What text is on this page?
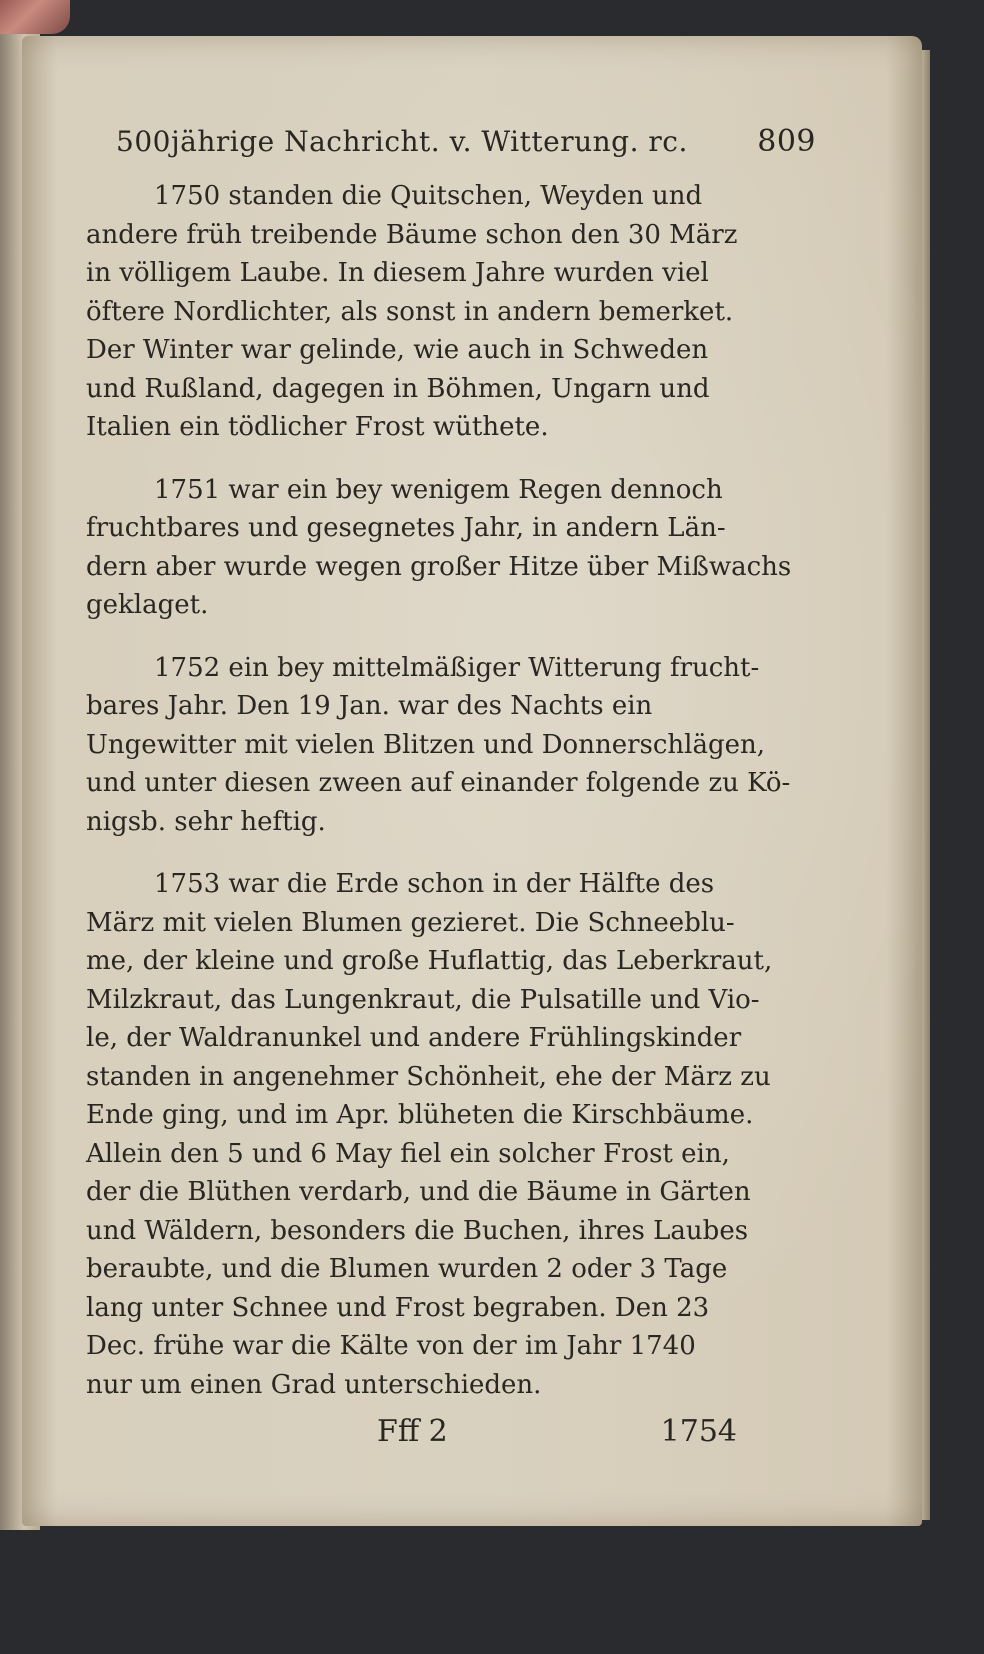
500jährige Nachricht. v. Witterung. rc. 809
1750 standen die Quitschen, Weyden und
andere früh treibende Bäume schon den 30 März
in völligem Laube. In diesem Jahre wurden viel
öftere Nordlichter, als sonst in andern bemerket.
Der Winter war gelinde, wie auch in Schweden
und Rußland, dagegen in Böhmen, Ungarn und
Italien ein tödlicher Frost wüthete.
1751 war ein bey wenigem Regen dennoch
fruchtbares und gesegnetes Jahr, in andern Län-
dern aber wurde wegen großer Hitze über Mißwachs
geklaget.
1752 ein bey mittelmäßiger Witterung frucht-
bares Jahr. Den 19 Jan. war des Nachts ein
Ungewitter mit vielen Blitzen und Donnerschlägen,
und unter diesen zween auf einander folgende zu Kö-
nigsb. sehr heftig.
1753 war die Erde schon in der Hälfte des
März mit vielen Blumen gezieret. Die Schneeblu-
me, der kleine und große Huflattig, das Leberkraut,
Milzkraut, das Lungenkraut, die Pulsatille und Vio-
le, der Waldranunkel und andere Frühlingskinder
standen in angenehmer Schönheit, ehe der März zu
Ende ging, und im Apr. blüheten die Kirschbäume.
Allein den 5 und 6 May fiel ein solcher Frost ein,
der die Blüthen verdarb, und die Bäume in Gärten
und Wäldern, besonders die Buchen, ihres Laubes
beraubte, und die Blumen wurden 2 oder 3 Tage
lang unter Schnee und Frost begraben. Den 23
Dec. frühe war die Kälte von der im Jahr 1740
nur um einen Grad unterschieden.
Fff 2	1754
